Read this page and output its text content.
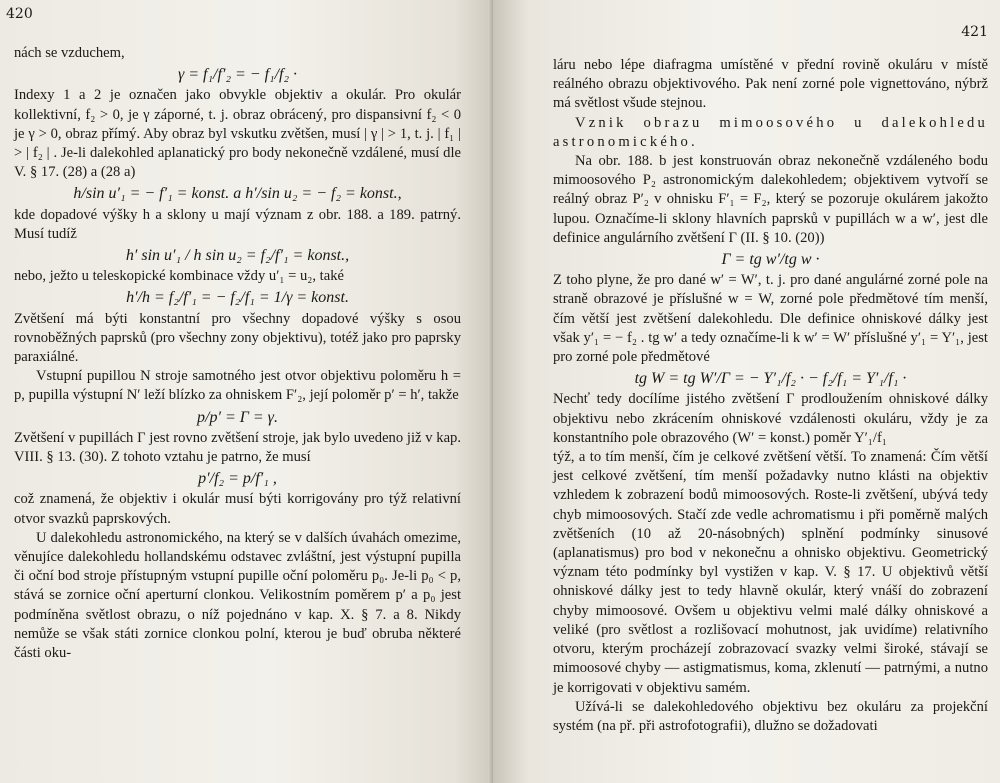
420

nách se vzduchem,

γ = f₁/f′₂ = − f₁/f₂ ·

Indexy 1 a 2 je označen jako obvykle objektiv a okulár. Pro okulár kollektivní, f₂ > 0, je γ záporné, t. j. obraz obrácený, pro dispansivní f₂ < 0 je γ > 0, obraz přímý. Aby obraz byl vskutku zvětšen, musí | γ | > 1, t. j. | f₁ | > | f₂ | . Je-li dalekohled aplanatický pro body nekonečně vzdálené, musí dle V. § 17. (28) a (28 a)

h/sin u′₁ = − f′₁ = konst. a h′/sin u₂ = − f₂ = konst.,

kde dopadové výšky h a sklony u mají význam z obr. 188. a 189. patrný. Musí tudíž

h′ sin u′₁ / h sin u₂ = f₂/f′₁ = konst.,

nebo, ježto u teleskopické kombinace vždy u′₁ = u₂, také

h′/h = f₂/f′₁ = − f₂/f₁ = 1/γ = konst.

Zvětšení má býti konstantní pro všechny dopadové výšky s osou rovnoběžných paprsků (pro všechny zony objektivu), totéž jako pro paprsky paraxiálné.

Vstupní pupillou N stroje samotného jest otvor objektivu poloměru h = p, pupilla výstupní N′ leží blízko za ohniskem F′₂, její poloměr p′ = h′, takže

p/p′ = Γ = γ.

Zvětšení v pupillách Γ jest rovno zvětšení stroje, jak bylo uvedeno již v kap. VIII. § 13. (30). Z tohoto vztahu je patrno, že musí

p′/f₂ = p/f′₁ ,

což znamená, že objektiv i okulár musí býti korrigovány pro týž relativní otvor svazků paprskových.

U dalekohledu astronomického, na který se v dalších úvahách omezime, věnujíce dalekohledu hollandskému odstavec zvláštní, jest výstupní pupilla či oční bod stroje přístupným vstupní pupille oční poloměru p₀. Je-li p₀ < p, stává se zornice oční aperturní clonkou. Velikostním poměrem p′ a p₀ jest podmíněna světlost obrazu, o níž pojednáno v kap. X. § 7. a 8. Nikdy nemůže se však státi zornice clonkou polní, kterou je buď obruba některé části oku-

421

láru nebo lépe diafragma umístěné v přední rovině okuláru v místě reálného obrazu objektivového. Pak není zorné pole vignettováno, nýbrž má světlost všude stejnou.

Vznik obrazu mimoosového u dalekohledu astronomického.

Na obr. 188. b jest konstruován obraz nekonečně vzdáleného bodu mimoosového P₂ astronomickým dalekohledem; objektivem vytvoří se reálný obraz P′₂ v ohnisku F′₁ = F₂, který se pozoruje okulárem jakožto lupou. Označíme-li sklony hlavních paprsků v pupillách w a w′, jest dle definice angulárního zvětšení Γ (II. § 10. (20))

Γ = tg w′/tg w ·

Z toho plyne, že pro dané w′ = W′, t. j. pro dané angulárné zorné pole na straně obrazové je příslušné w = W, zorné pole předmětové tím menší, čím větší jest zvětšení dalekohledu. Dle definice ohniskové dálky jest však y′₁ = − f₂ . tg w′ a tedy označíme-li k w′ = W′ příslušné y′₁ = Y′₁, jest pro zorné pole předmětové

tg W = tg W′/Γ = − Y′₁/f₂ · − f₂/f₁ = Y′₁/f₁ ·

Nechť tedy docílíme jistého zvětšení Γ prodloužením ohniskové dálky objektivu nebo zkrácením ohniskové vzdálenosti okuláru, vždy je za konstantního pole obrazového (W′ = konst.) poměr Y′₁/f₁

týž, a to tím menší, čím je celkové zvětšení větší. To znamená: Čím větší jest celkové zvětšení, tím menší požadavky nutno klásti na objektiv vzhledem k zobrazení bodů mimoosových. Roste-li zvětšení, ubývá tedy chyb mimoosových. Stačí zde vedle achromatismu i při poměrně malých zvětšeních (10 až 20-násobných) splnění podmínky sinusové (aplanatismus) pro bod v nekonečnu a ohnisko objektivu. Geometrický význam této podmínky byl vystižen v kap. V. § 17. U objektivů větší ohniskové dálky jest to tedy hlavně okulár, který vnáší do zobrazení chyby mimoosové. Ovšem u objektivu velmi malé dálky ohniskové a veliké (pro světlost a rozlišovací mohutnost, jak uvidíme) relativního otvoru, kterým procházejí zobrazovací svazky velmi široké, stávají se mimoosové chyby — astigmatismus, koma, zklenutí — patrnými, a nutno je korrigovati v objektivu samém.

Užívá-li se dalekohledového objektivu bez okuláru za projekční systém (na př. při astrofotografii), dlužno se dožadovati
